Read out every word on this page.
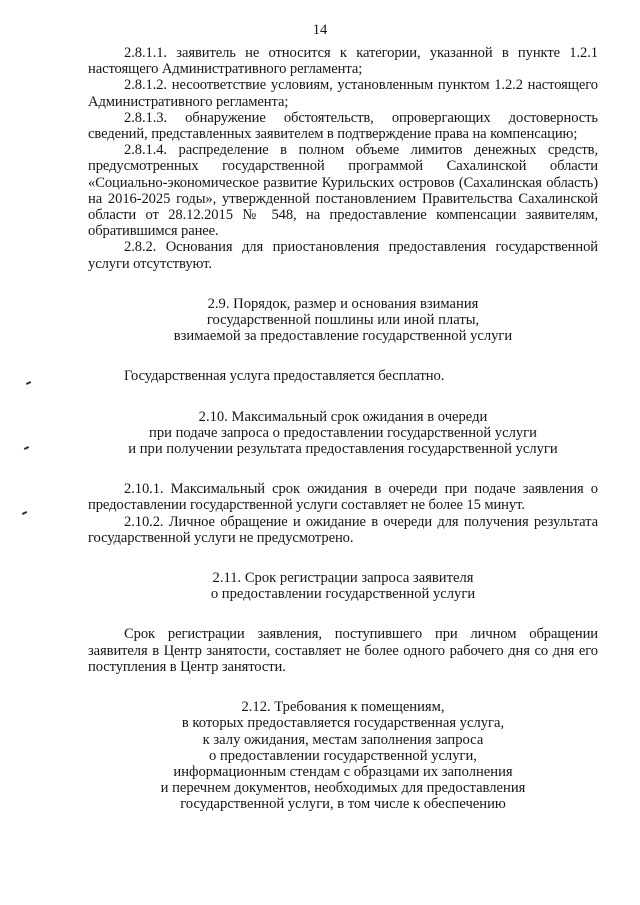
14

2.8.1.1. заявитель не относится к категории, указанной в пункте 1.2.1 настоящего Административного регламента;

2.8.1.2. несоответствие условиям, установленным пунктом 1.2.2 настоящего Административного регламента;

2.8.1.3. обнаружение обстоятельств, опровергающих достоверность сведений, представленных заявителем в подтверждение права на компенсацию;

2.8.1.4. распределение в полном объеме лимитов денежных средств, предусмотренных государственной программой Сахалинской области «Социально-экономическое развитие Курильских островов (Сахалинская область) на 2016-2025 годы», утвержденной постановлением Правительства Сахалинской области от 28.12.2015 № 548, на предоставление компенсации заявителям, обратившимся ранее.

2.8.2. Основания для приостановления предоставления государственной услуги отсутствуют.

2.9. Порядок, размер и основания взимания
государственной пошлины или иной платы,
взимаемой за предоставление государственной услуги

Государственная услуга предоставляется бесплатно.

2.10. Максимальный срок ожидания в очереди
при подаче запроса о предоставлении государственной услуги
и при получении результата предоставления государственной услуги

2.10.1. Максимальный срок ожидания в очереди при подаче заявления о предоставлении государственной услуги составляет не более 15 минут.

2.10.2. Личное обращение и ожидание в очереди для получения результата государственной услуги не предусмотрено.

2.11. Срок регистрации запроса заявителя
о предоставлении государственной услуги

Срок регистрации заявления, поступившего при личном обращении заявителя в Центр занятости, составляет не более одного рабочего дня со дня его поступления в Центр занятости.

2.12. Требования к помещениям,
в которых предоставляется государственная услуга,
к залу ожидания, местам заполнения запроса
о предоставлении государственной услуги,
информационным стендам с образцами их заполнения
и перечнем документов, необходимых для предоставления
государственной услуги, в том числе к обеспечению
